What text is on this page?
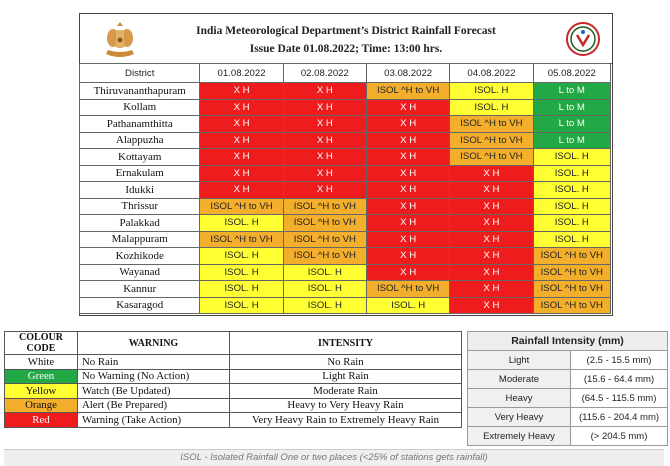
India Meteorological Department’s District Rainfall Forecast
Issue Date 01.08.2022; Time: 13:00 hrs.
District	01.08.2022	02.08.2022	03.08.2022	04.08.2022	05.08.2022
Thiruvananthapuram	X H	X H	ISOL ^H to VH	ISOL. H	L to M
Kollam	X H	X H	X H	ISOL. H	L to M
Pathanamthitta	X H	X H	X H	ISOL ^H to VH	L to M
Alappuzha	X H	X H	X H	ISOL ^H to VH	L to M
Kottayam	X H	X H	X H	ISOL ^H to VH	ISOL. H
Ernakulam	X H	X H	X H	X H	ISOL. H
Idukki	X H	X H	X H	X H	ISOL. H
Thrissur	ISOL ^H to VH	ISOL ^H to VH	X H	X H	ISOL. H
Palakkad	ISOL. H	ISOL ^H to VH	X H	X H	ISOL. H
Malappuram	ISOL ^H to VH	ISOL ^H to VH	X H	X H	ISOL. H
Kozhikode	ISOL. H	ISOL ^H to VH	X H	X H	ISOL ^H to VH
Wayanad	ISOL. H	ISOL. H	X H	X H	ISOL ^H to VH
Kannur	ISOL. H	ISOL. H	ISOL ^H to VH	X H	ISOL ^H to VH
Kasaragod	ISOL. H	ISOL. H	ISOL. H	X H	ISOL ^H to VH
COLOUR CODE	WARNING	INTENSITY
White	No Rain	No Rain
Green	No Warning (No Action)	Light Rain
Yellow	Watch (Be Updated)	Moderate Rain
Orange	Alert (Be Prepared)	Heavy to Very Heavy Rain
Red	Warning (Take Action)	Very Heavy Rain to Extremely Heavy Rain
Rainfall Intensity (mm)	
Light	(2.5 - 15.5 mm)
Moderate	(15.6 - 64.4 mm)
Heavy	(64.5 - 115.5 mm)
Very Heavy	(115.6 - 204.4 mm)
Extremely Heavy	(> 204.5 mm)
ISOL - Isolated Rainfall One or two places (<25% of stations gets rainfall)
